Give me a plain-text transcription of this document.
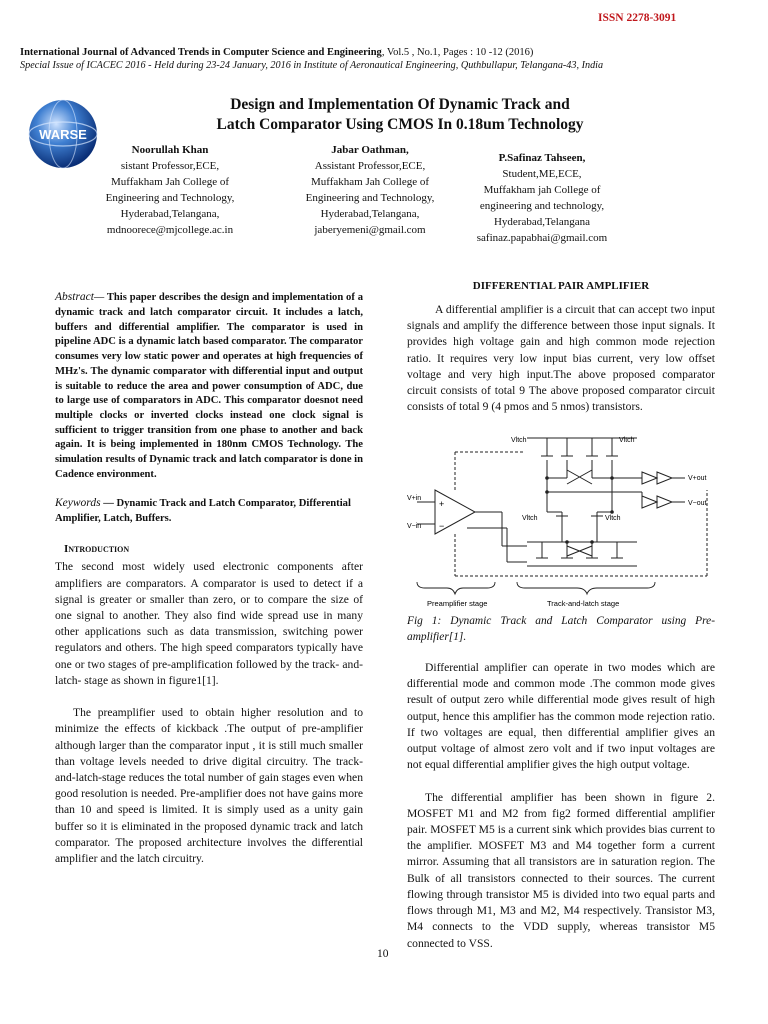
ISSN 2278-3091
International Journal of Advanced Trends in Computer Science and Engineering, Vol.5 , No.1, Pages : 10 -12 (2016)
Special Issue of ICACEC 2016 - Held during 23-24 January, 2016 in Institute of Aeronautical Engineering, Quthbullapur, Telangana-43, India
WARSE
Design and Implementation Of Dynamic Track and
Latch Comparator Using CMOS In 0.18um Technology
Noorullah Khan
sistant Professor,ECE,
Muffakham Jah College of
Engineering and Technology,
Hyderabad,Telangana,
mdnoorece@mjcollege.ac.in
Jabar Oathman,
Assistant Professor,ECE,
Muffakham Jah College of
Engineering and Technology,
Hyderabad,Telangana,
jaberyemeni@gmail.com
P.Safinaz Tahseen,
Student,ME,ECE,
Muffakham jah College of
engineering and technology,
Hyderabad,Telangana
safinaz.papabhai@gmail.com

Abstract— This paper describes the design and implementation of a dynamic track and latch comparator circuit. It includes a latch, buffers and differential amplifier. The comparator is used in pipeline ADC is a dynamic latch based comparator. The comparator consumes very low static power and operates at high frequencies of MHz's. The dynamic comparator with differential input and output is suitable to reduce the area and power consumption of ADC, due to large use of comparators in ADC. This comparator doesnot need multiple clocks or inverted clocks instead one clock signal is sufficient to trigger transition from one phase to another and back again. It is being implemented in 180nm CMOS Technology. The simulation results of Dynamic track and latch comparator is done in Cadence environment.

Keywords — Dynamic Track and Latch Comparator, Differential Amplifier, Latch, Buffers.
Introduction

The second most widely used electronic components after amplifiers are comparators. A comparator is used to detect if a signal is greater or smaller than zero, or to compare the size of one signal to another. They also find wide spread use in many other applications such as data transmission, switching power regulators and others. The high speed comparators typically have one or two stages of pre-amplification followed by the track- and- latch- stage as shown in figure1[1].

The preamplifier used to obtain higher resolution and to minimize the effects of kickback .The output of pre-amplifier although larger than the comparator input , it is still much smaller than voltage levels needed to drive digital circuitry. The track-and-latch-stage reduces the total number of gain stages even when good resolution is needed. Pre-amplifier does not have gains more than 10 and speed is limited. It is simply used as a unity gain buffer so it is eliminated in the proposed dynamic track and latch comparator. The proposed architecture involves the differential amplifier and the latch circuitry.

DIFFERENTIAL PAIR AMPLIFIER

A differential amplifier is a circuit that can accept two input signals and amplify the difference between those input signals. It provides high voltage gain and high common mode rejection ratio. It requires very low input bias current, very low offset voltage and very high input.The above proposed comparator circuit consists of total 9 The above proposed comparator circuit consists of total 9 (4 pmos and 5 nmos) transistors.

Vltch	Vltch
Vltch	Vltch
V+in
V−in
V+out
V−out
+
−
Preamplifier stage	Track-and-latch stage
Fig 1: Dynamic Track and Latch Comparator using Pre-amplifier[1].

Differential amplifier can operate in two modes which are differential mode and common mode .The common mode gives result of output zero while differential mode gives result of high output, hence this amplifier has the common mode rejection ratio. If two voltages are equal, then differential amplifier gives an output voltage of almost zero volt and if two input voltages are not equal differential amplifier gives the high output voltage.

The differential amplifier has been shown in figure 2. MOSFET M1 and M2 from fig2 formed differential amplifier pair. MOSFET M5 is a current sink which provides bias current to the amplifier. MOSFET M3 and M4 together form a current mirror. Assuming that all transistors are in saturation region. The Bulk of all transistors connected to their sources. The current flowing through transistor M5 is divided into two equal parts and flows through M1, M3 and M2, M4 respectively. Transistor M3, M4 connects to the VDD supply, whereas transistor M5 connected to VSS.

10
